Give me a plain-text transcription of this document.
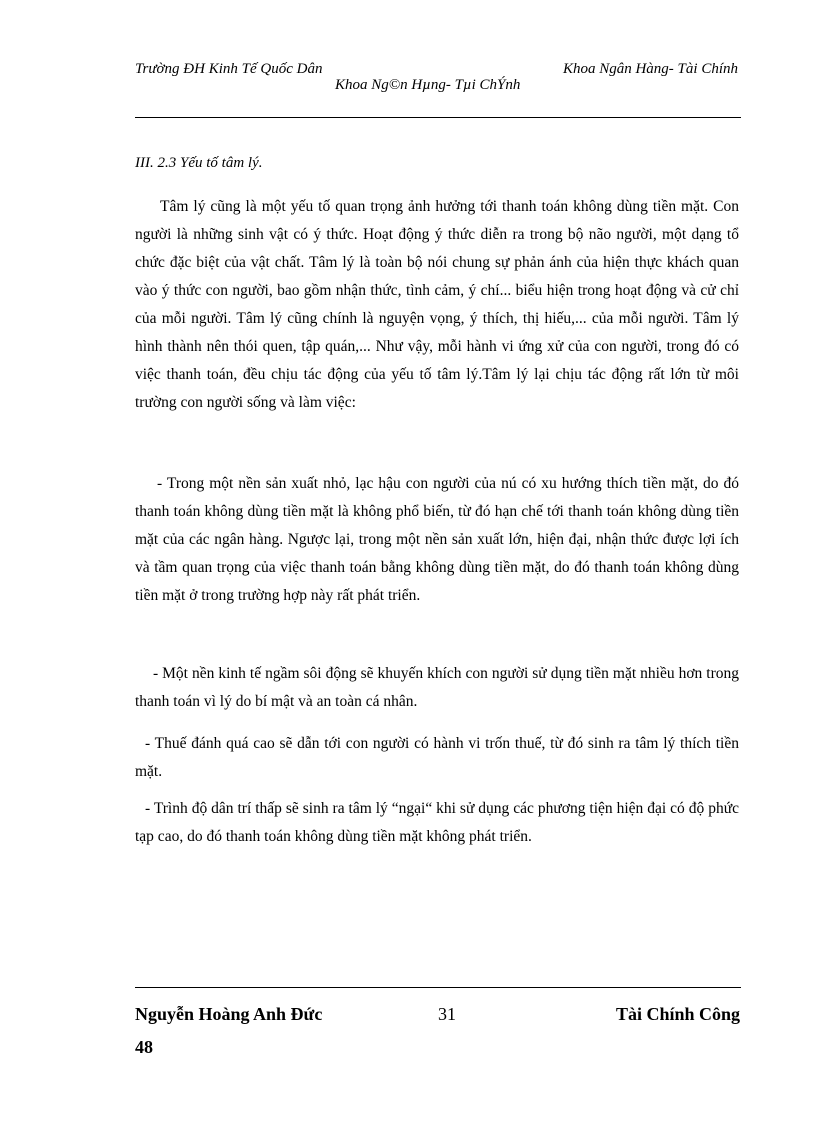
Trường ĐH Kinh Tế Quốc Dân	Khoa Ngân Hàng- Tài Chính
Khoa Ng©n Hµng- Tµi ChÝnh
III. 2.3 Yếu tố tâm lý.

Tâm lý cũng là một yếu tố quan trọng ảnh hưởng tới thanh toán không dùng tiền mặt. Con người là những sinh vật có ý thức. Hoạt động ý thức diễn ra trong bộ não người, một dạng tổ chức đặc biệt của vật chất. Tâm lý là toàn bộ nói chung sự phản ánh của hiện thực khách quan vào ý thức con người, bao gồm nhận thức, tình cảm, ý chí... biểu hiện trong hoạt động và cử chỉ của mỗi người. Tâm lý cũng chính là nguyện vọng, ý thích, thị hiếu,... của mỗi người. Tâm lý hình thành nên thói quen, tập quán,... Như vậy, mỗi hành vi ứng xử của con người, trong đó có việc thanh toán, đều chịu tác động của yếu tố tâm lý.Tâm lý lại chịu tác động rất lớn từ môi trường con người sống và làm việc:

- Trong một nền sản xuất nhỏ, lạc hậu con người của nú có xu hướng thích tiền mặt, do đó thanh toán không dùng tiền mặt là không phổ biến, từ đó hạn chế tới thanh toán không dùng tiền mặt của các ngân hàng. Ngược lại, trong một nền sản xuất lớn, hiện đại, nhận thức được lợi ích và tầm quan trọng của việc thanh toán bằng không dùng tiền mặt, do đó thanh toán không dùng tiền mặt ở trong trường hợp này rất phát triển.

- Một nền kinh tế ngầm sôi động sẽ khuyến khích con người sử dụng tiền mặt nhiều hơn trong thanh toán vì lý do bí mật và an toàn cá nhân.

- Thuế đánh quá cao sẽ dẫn tới con người có hành vi trốn thuế, từ đó sinh ra tâm lý thích tiền mặt.

- Trình độ dân trí thấp sẽ sinh ra tâm lý “ngại“ khi sử dụng các phương tiện hiện đại có độ phức tạp cao, do đó thanh toán không dùng tiền mặt không phát triển.

Nguyễn Hoàng Anh Đức	31	Tài Chính Công
48
